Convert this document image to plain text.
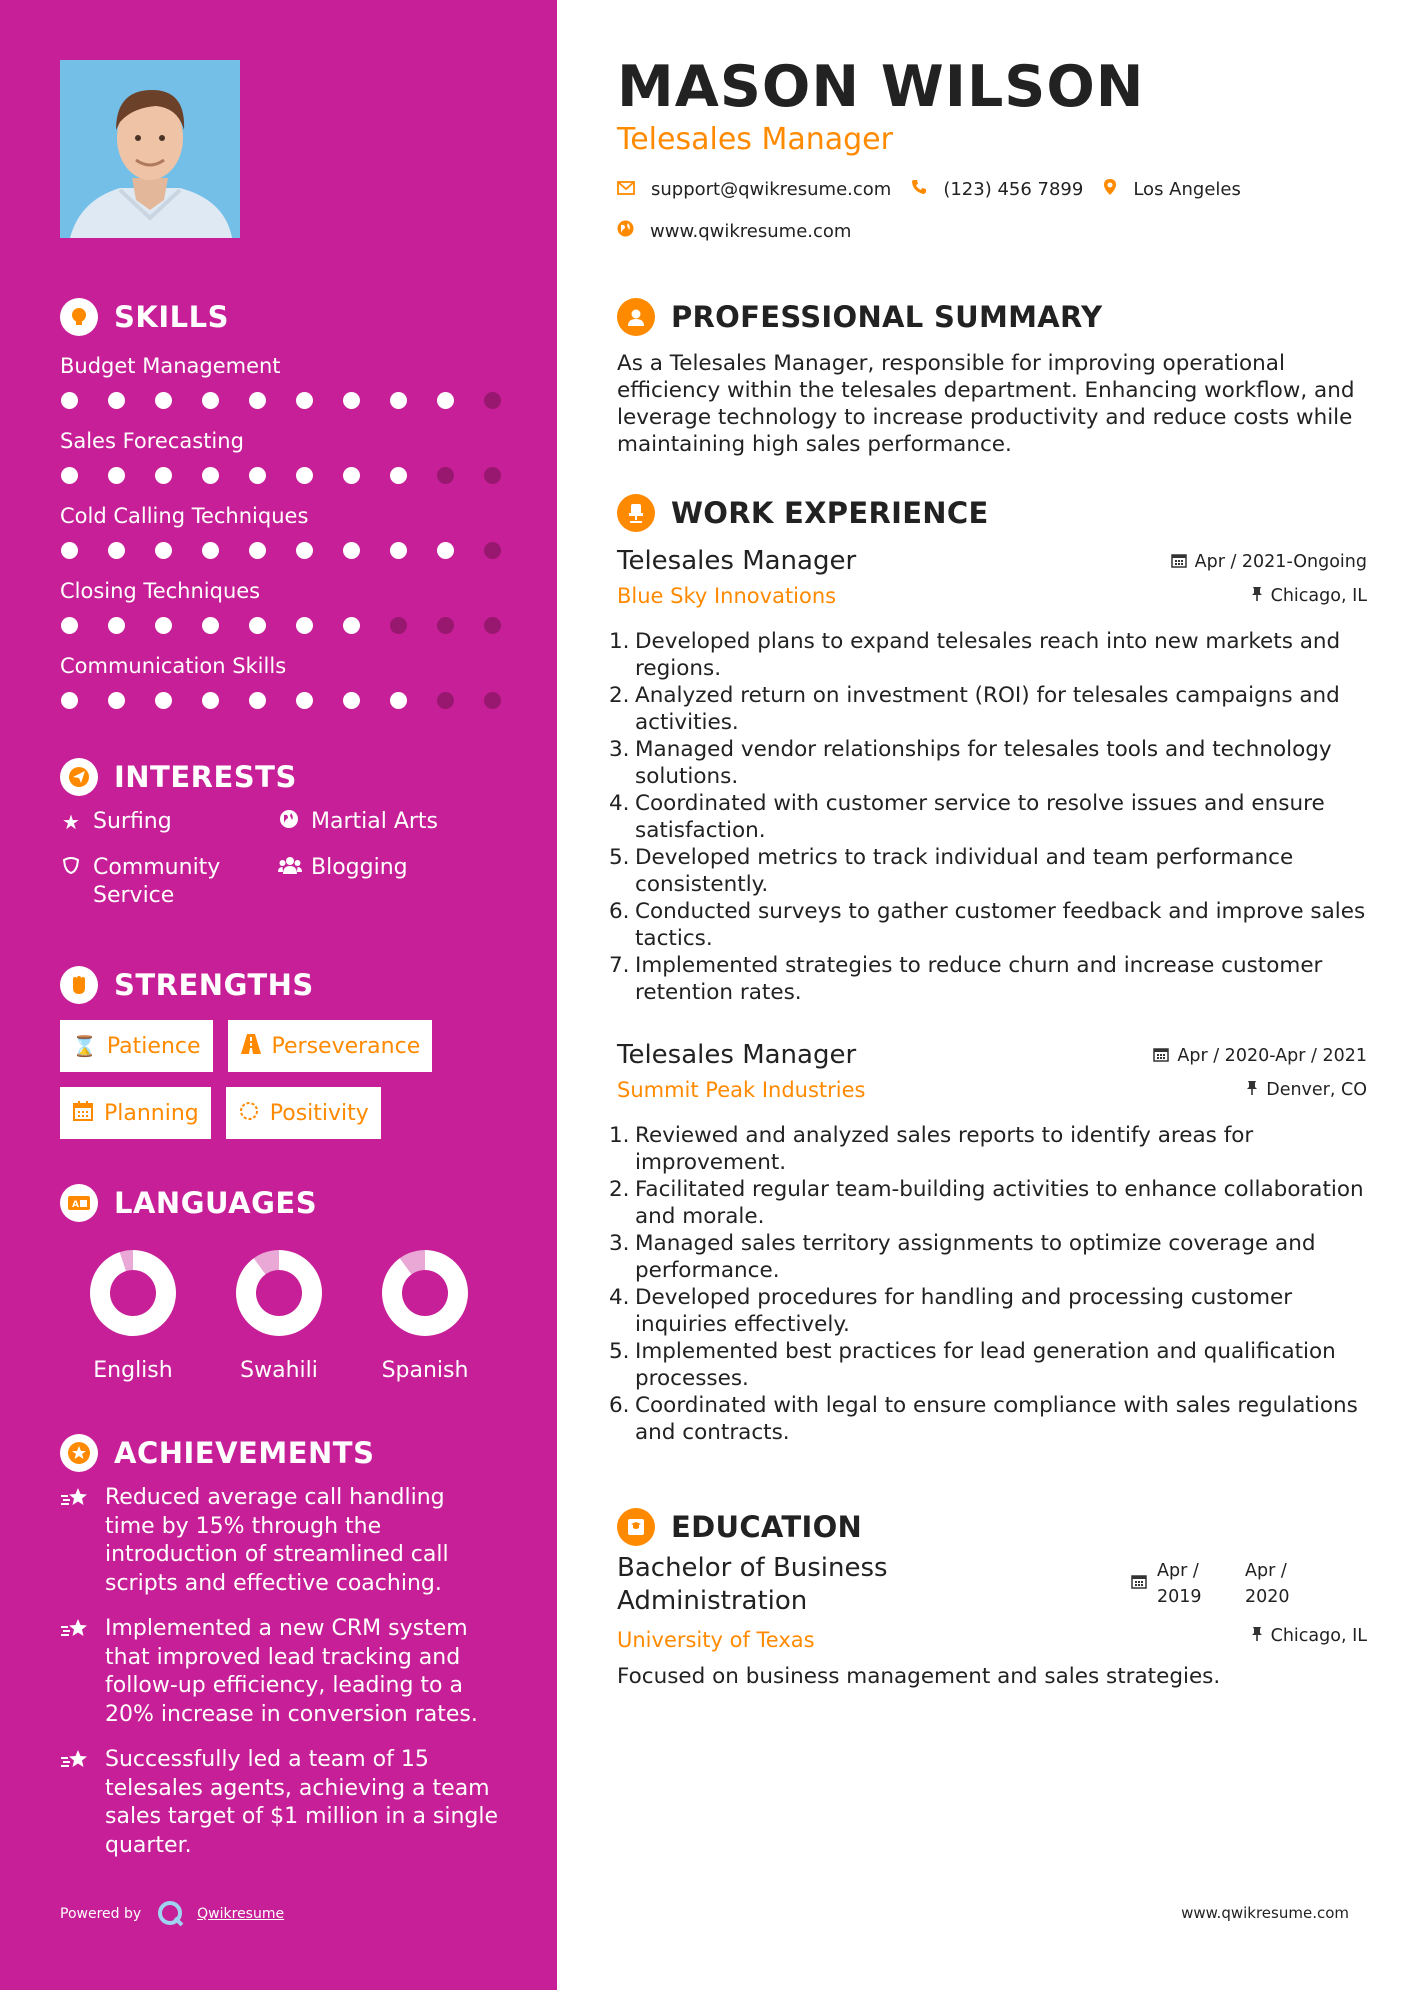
SKILLS
Budget Management
Sales Forecasting
Cold Calling Techniques
Closing Techniques
Communication Skills
INTERESTS
★ Surfing	Martial Arts
Community Service
Blogging
STRENGTHS
⌛ Patience	Perseverance
Planning	Positivity
A LANGUAGES
English	Swahili	Spanish
ACHIEVEMENTS
Reduced average call handling time by 15% through the introduction of streamlined call scripts and effective coaching.
Implemented a new CRM system that improved lead tracking and follow-up efficiency, leading to a 20% increase in conversion rates.
Successfully led a team of 15 telesales agents, achieving a team sales target of $1 million in a single quarter.
Powered by	Qwikresume
MASON WILSON
Telesales Manager
support@qwikresume.com	(123) 456 7899	Los Angeles
www.qwikresume.com
PROFESSIONAL SUMMARY
As a Telesales Manager, responsible for improving operational efficiency within the telesales department. Enhancing workflow, and leverage technology to increase productivity and reduce costs while maintaining high sales performance.
WORK EXPERIENCE
Telesales Manager
Blue Sky Innovations
Apr / 2021-Ongoing
Chicago, IL
1. Developed plans to expand telesales reach into new markets and regions.
2. Analyzed return on investment (ROI) for telesales campaigns and activities.
3. Managed vendor relationships for telesales tools and technology solutions.
4. Coordinated with customer service to resolve issues and ensure satisfaction.
5. Developed metrics to track individual and team performance consistently.
6. Conducted surveys to gather customer feedback and improve sales tactics.
7. Implemented strategies to reduce churn and increase customer retention rates.
Telesales Manager
Summit Peak Industries
Apr / 2020-Apr / 2021
Denver, CO
1. Reviewed and analyzed sales reports to identify areas for improvement.
2. Facilitated regular team-building activities to enhance collaboration and morale.
3. Managed sales territory assignments to optimize coverage and performance.
4. Developed procedures for handling and processing customer inquiries effectively.
5. Implemented best practices for lead generation and qualification processes.
6. Coordinated with legal to ensure compliance with sales regulations and contracts.
EDUCATION
Bachelor of Business Administration
University of Texas
Focused on business management and sales strategies.
Apr /
2019
Apr /
2020
Chicago, IL
www.qwikresume.com
